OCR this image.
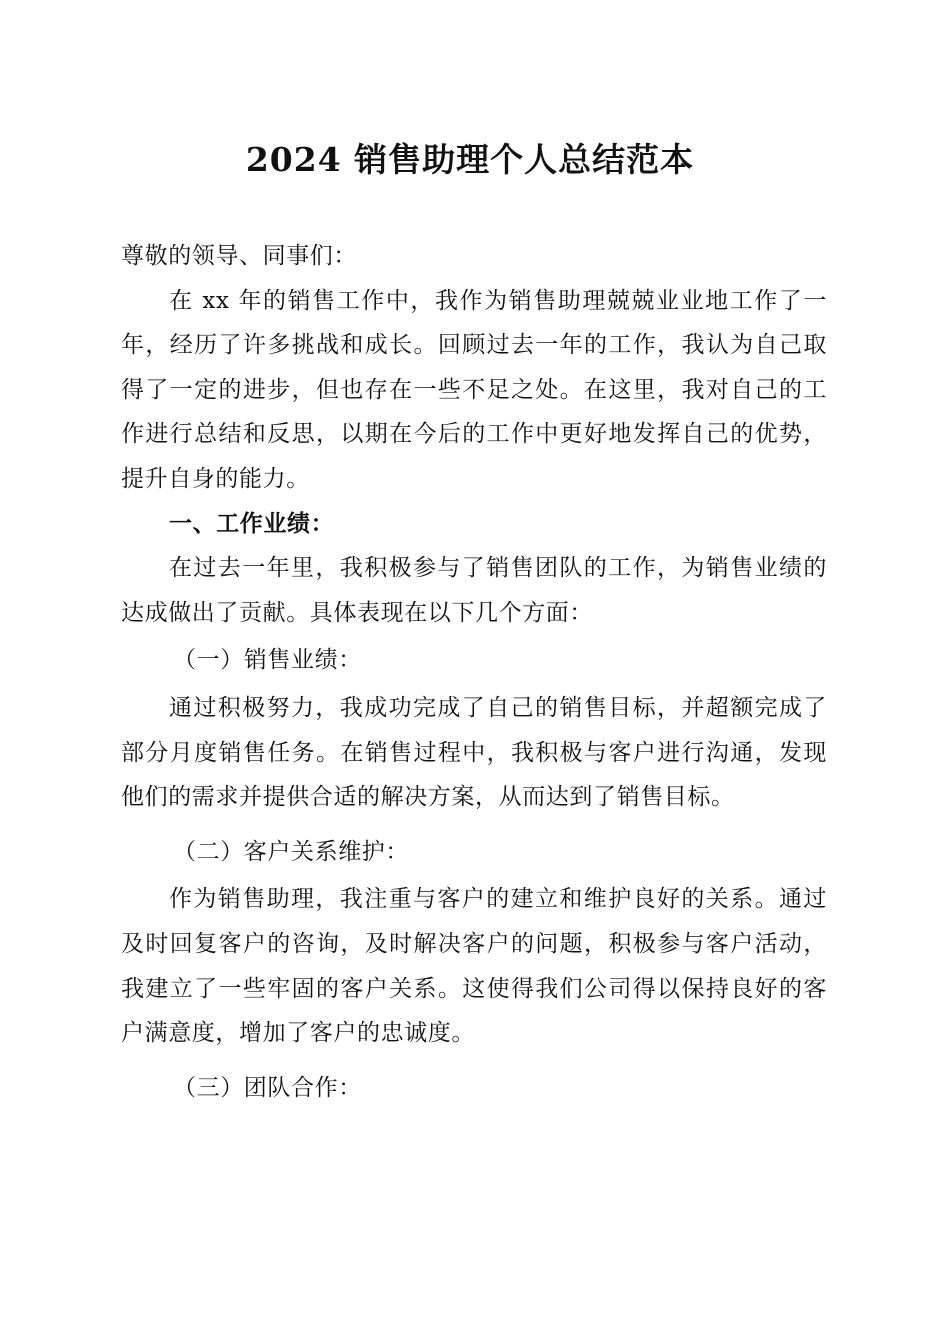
2024 销售助理个人总结范本

尊敬的领导、同事们：

在 xx 年的销售工作中，我作为销售助理兢兢业业地工作了一年，经历了许多挑战和成长。回顾过去一年的工作，我认为自己取得了一定的进步，但也存在一些不足之处。在这里，我对自己的工作进行总结和反思，以期在今后的工作中更好地发挥自己的优势，提升自身的能力。

一、工作业绩：

在过去一年里，我积极参与了销售团队的工作，为销售业绩的达成做出了贡献。具体表现在以下几个方面：

（一）销售业绩：

通过积极努力，我成功完成了自己的销售目标，并超额完成了部分月度销售任务。在销售过程中，我积极与客户进行沟通，发现他们的需求并提供合适的解决方案，从而达到了销售目标。

（二）客户关系维护：

作为销售助理，我注重与客户的建立和维护良好的关系。通过及时回复客户的咨询，及时解决客户的问题，积极参与客户活动，我建立了一些牢固的客户关系。这使得我们公司得以保持良好的客户满意度，增加了客户的忠诚度。

（三）团队合作：
